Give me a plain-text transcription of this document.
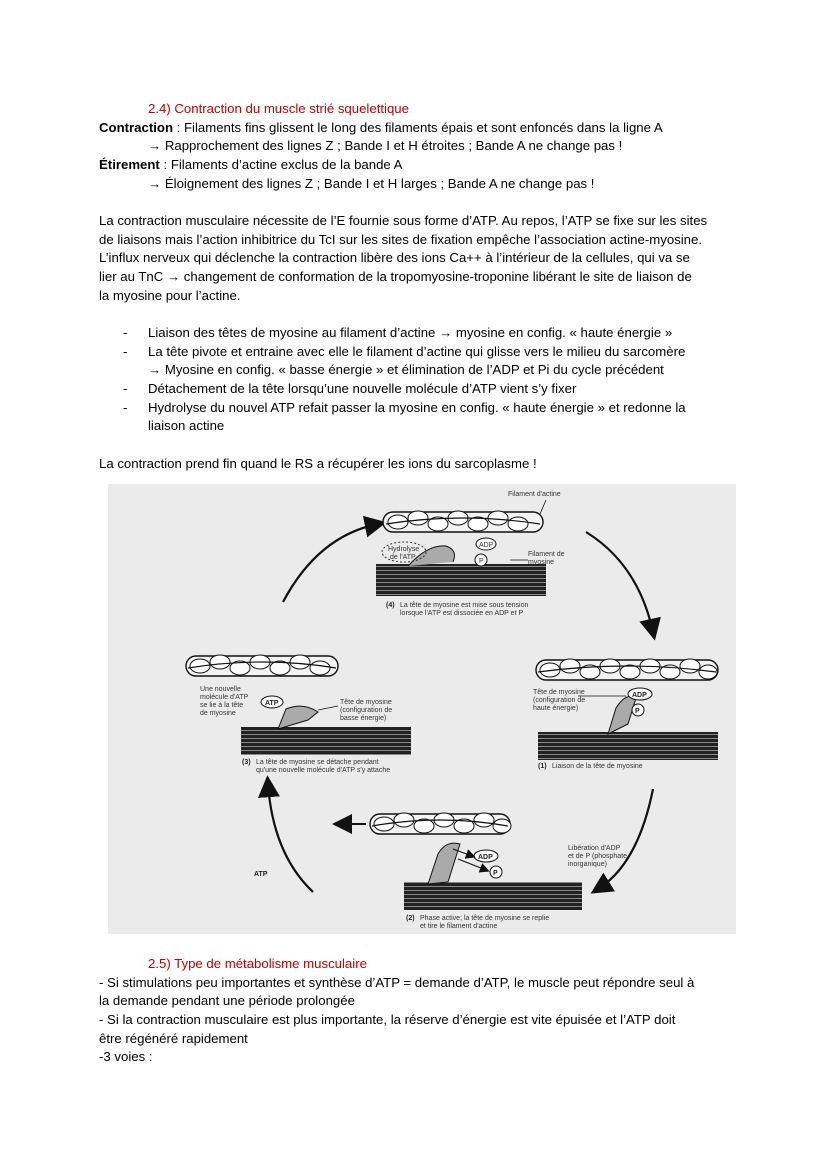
2.4) Contraction du muscle strié squelettique
Contraction : Filaments fins glissent le long des filaments épais et sont enfoncés dans la ligne A
→ Rapprochement des lignes Z ; Bande I et H étroites ; Bande A ne change pas !
Étirement : Filaments d’actine exclus de la bande A
→ Éloignement des lignes Z ; Bande I et H larges ; Bande A ne change pas !
La contraction musculaire nécessite de l’E fournie sous forme d’ATP. Au repos, l’ATP se fixe sur les sites
de liaisons mais l’action inhibitrice du TcI sur les sites de fixation empêche l’association actine-myosine.
L’influx nerveux qui déclenche la contraction libère des ions Ca++ à l’intérieur de la cellules, qui va se
lier au TnC → changement de conformation de la tropomyosine-troponine libérant le site de liaison de
la myosine pour l’actine.
- Liaison des têtes de myosine au filament d’actine → myosine en config. « haute énergie »
- La tête pivote et entraine avec elle le filament d’actine qui glisse vers le milieu du sarcomère
→ Myosine en config. « basse énergie » et élimination de l’ADP et Pi du cycle précédent
- Détachement de la tête lorsqu’une nouvelle molécule d’ATP vient s’y fixer
- Hydrolyse du nouvel ATP refait passer la myosine en config. « haute énergie » et redonne la
liaison actine
La contraction prend fin quand le RS a récupérer les ions du sarcoplasme !
Filament d'actine
Hydrolyse
de l'ATP
ADP
P
Filament de
myosine
(4) La tête de myosine est mise sous tension
lorsque l'ATP est dissociée en ADP et P
Une nouvelle
molécule d'ATP
se lie à la tête
de myosine
ATP	Tête de myosine
(configuration de
basse énergie)
(3) La tête de myosine se détache pendant
qu'une nouvelle molécule d'ATP s'y attache
Tête de myosine
(configuration de
haute énergie)
ADP
P
(1) Liaison de la tête de myosine
Libération d'ADP
et de P (phosphate
inorganique)
ADP
P
ATP
(2) Phase active; la tête de myosine se replie
et tire le filament d'actine
2.5) Type de métabolisme musculaire
- Si stimulations peu importantes et synthèse d’ATP = demande d’ATP, le muscle peut répondre seul à
la demande pendant une période prolongée
- Si la contraction musculaire est plus importante, la réserve d’énergie est vite épuisée et l’ATP doit
être régénéré rapidement
-3 voies :
